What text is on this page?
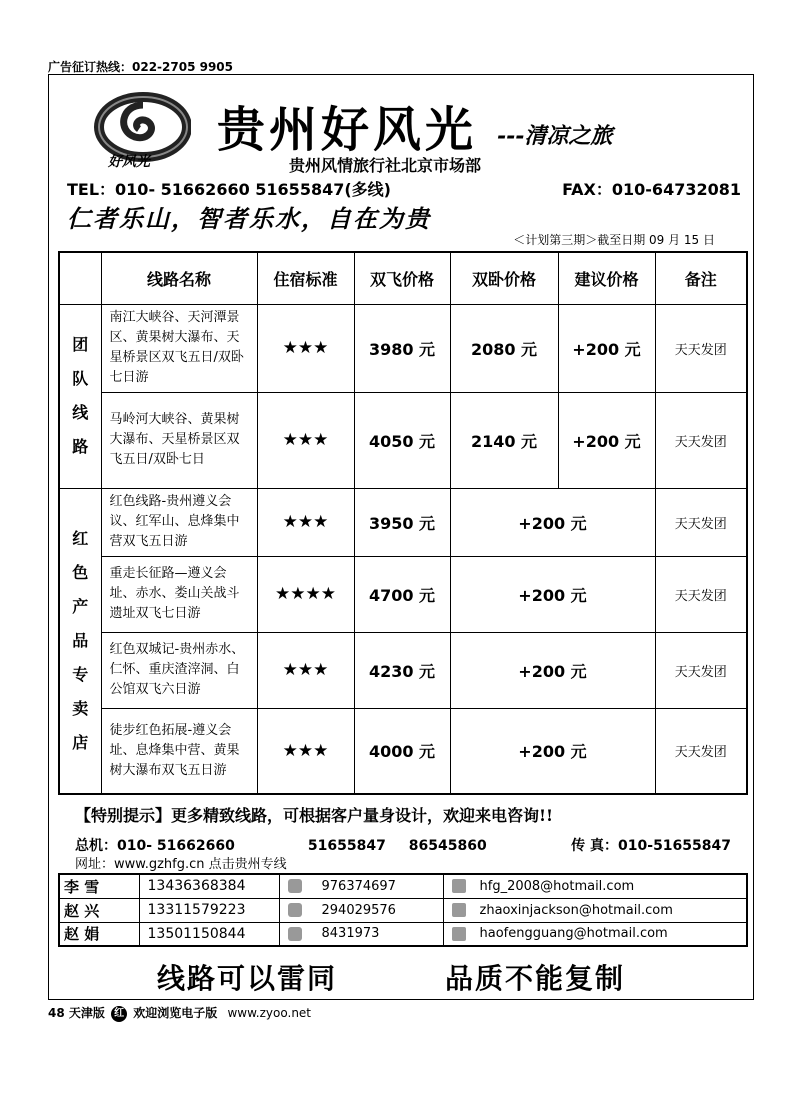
广告征订热线：022-2705 9905
好风光
贵州好风光 ---清凉之旅
贵州风情旅行社北京市场部
TEL：010- 51662660 51655847(多线)	FAX：010-64732081
仁者乐山，智者乐水，自在为贵
＜计划第三期＞截至日期 09 月 15 日
	线路名称	住宿标准	双飞价格	双卧价格	建议价格	备注
团队线路	南江大峡谷、天河潭景区、黄果树大瀑布、天星桥景区双飞五日/双卧七日游	★★★	3980 元	2080 元	+200 元	天天发团
	马岭河大峡谷、黄果树大瀑布、天星桥景区双飞五日/双卧七日	★★★	4050 元	2140 元	+200 元	天天发团
红色产品专卖店	红色线路-贵州遵义会议、红军山、息烽集中营双飞五日游	★★★	3950 元	+200 元		天天发团
	重走长征路—遵义会址、赤水、娄山关战斗遗址双飞七日游	★★★★	4700 元	+200 元		天天发团
	红色双城记-贵州赤水、仁怀、重庆渣滓洞、白公馆双飞六日游	★★★	4230 元	+200 元		天天发团
	徒步红色拓展-遵义会址、息烽集中营、黄果树大瀑布双飞五日游	★★★	4000 元	+200 元		天天发团
【特别提示】更多精致线路，可根据客户量身设计，欢迎来电咨询!!
总机：010- 51662660	51655847 86545860	传 真：010-51655847
网址：www.gzhfg.cn 点击贵州专线
李 雪	13436368384	976374697	hfg_2008@hotmail.com
赵 兴	13311579223	294029576	zhaoxinjackson@hotmail.com
赵 娟	13501150844	8431973	haofengguang@hotmail.com
线路可以雷同	品质不能复制
48 天津版 红 欢迎浏览电子版 www.zyoo.net
